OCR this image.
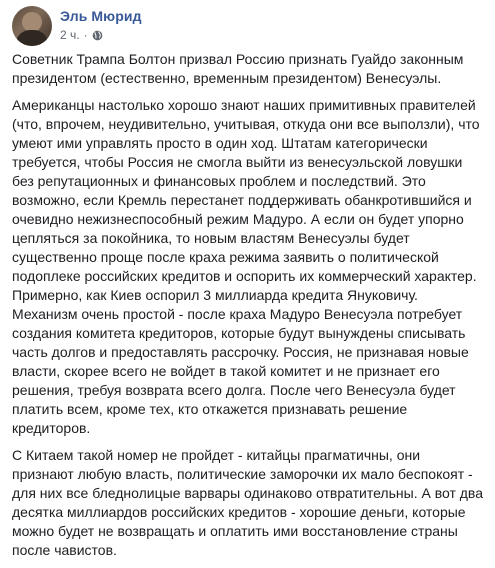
Эль Мюрид
2 ч. ·

Советник Трампа Болтон призвал Россию признать Гуайдо законным президентом (естественно, временным президентом) Венесуэлы.

Американцы настолько хорошо знают наших примитивных правителей (что, впрочем, неудивительно, учитывая, откуда они все выползли), что умеют ими управлять просто в один ход. Штатам категорически требуется, чтобы Россия не смогла выйти из венесуэльской ловушки без репутационных и финансовых проблем и последствий. Это возможно, если Кремль перестанет поддерживать обанкротившийся и очевидно нежизнеспособный режим Мадуро. А если он будет упорно цепляться за покойника, то новым властям Венесуэлы будет существенно проще после краха режима заявить о политической подоплеке российских кредитов и оспорить их коммерческий характер. Примерно, как Киев оспорил 3 миллиарда кредита Януковичу. Механизм очень простой - после краха Мадуро Венесуэла потребует создания комитета кредиторов, которые будут вынуждены списывать часть долгов и предоставлять рассрочку. Россия, не признавая новые власти, скорее всего не войдет в такой комитет и не признает его решения, требуя возврата всего долга. После чего Венесуэла будет платить всем, кроме тех, кто откажется признавать решение кредиторов.

С Китаем такой номер не пройдет - китайцы прагматичны, они признают любую власть, политические заморочки их мало беспокоят - для них все бледнолицые варвары одинаково отвратительны. А вот два десятка миллиардов российских кредитов - хорошие деньги, которые можно будет не возвращать и оплатить ими восстановление страны после чавистов.
